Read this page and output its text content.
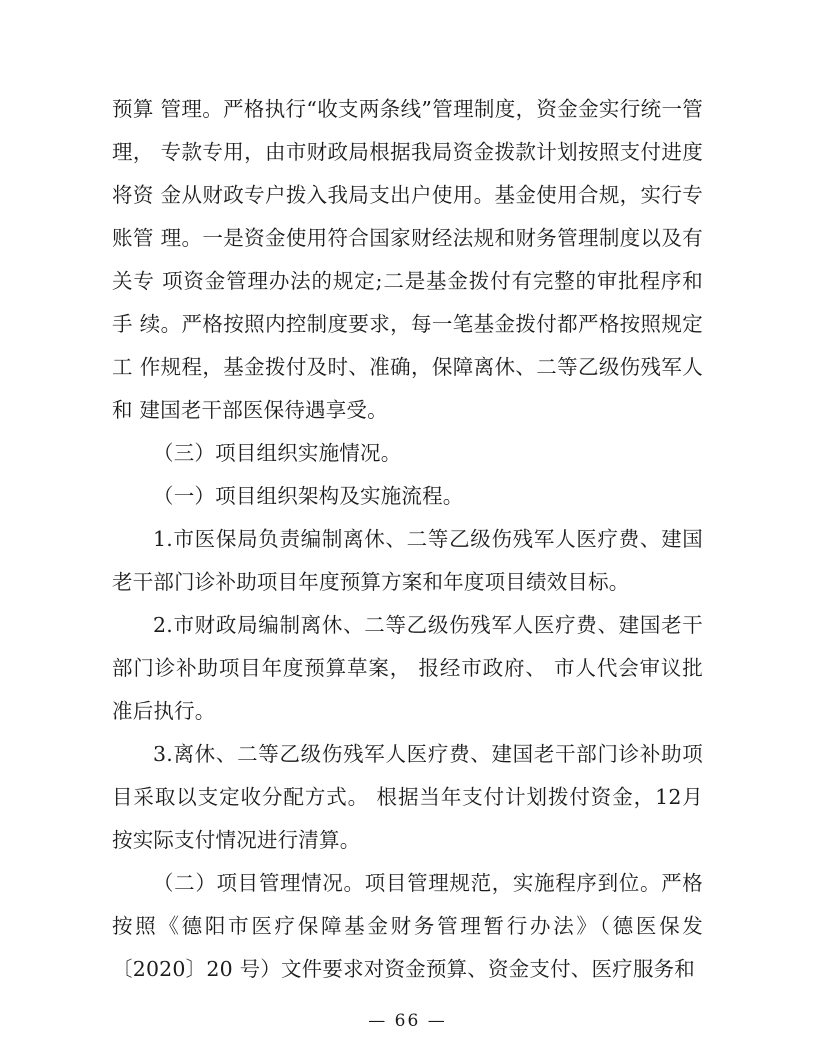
预算 管理。严格执行“收支两条线”管理制度，资金金实行统一管理， 专款专用，由市财政局根据我局资金拨款计划按照支付进度将资 金从财政专户拨入我局支出户使用。基金使用合规，实行专账管 理。一是资金使用符合国家财经法规和财务管理制度以及有关专 项资金管理办法的规定;二是基金拨付有完整的审批程序和手 续。严格按照内控制度要求，每一笔基金拨付都严格按照规定工 作规程，基金拨付及时、准确，保障离休、二等乙级伤残军人和 建国老干部医保待遇享受。

（三）项目组织实施情况。

（一）项目组织架构及实施流程。

1.市医保局负责编制离休、二等乙级伤残军人医疗费、建国 老干部门诊补助项目年度预算方案和年度项目绩效目标。

2.市财政局编制离休、二等乙级伤残军人医疗费、建国老干 部门诊补助项目年度预算草案， 报经市政府、 市人代会审议批 准后执行。

3.离休、二等乙级伤残军人医疗费、建国老干部门诊补助项目采取以支定收分配方式。 根据当年支付计划拨付资金，12月按实际支付情况进行清算。

（二）项目管理情况。项目管理规范，实施程序到位。严格 按照《德阳市医疗保障基金财务管理暂行办法》（德医保发〔2020〕20 号）文件要求对资金预算、资金支付、医疗服务和

— 66 —
